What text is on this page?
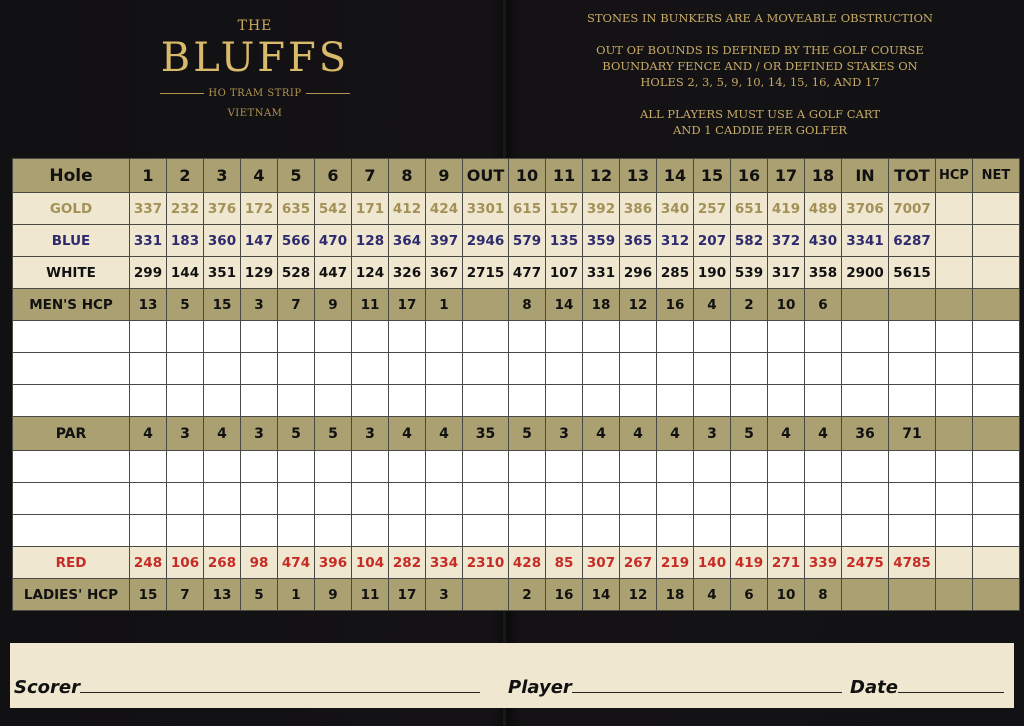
THE
BLUFFS
HO TRAM STRIP
VIETNAM

STONES IN BUNKERS ARE A MOVEABLE OBSTRUCTION

OUT OF BOUNDS IS DEFINED BY THE GOLF COURSE
BOUNDARY FENCE AND / OR DEFINED STAKES ON
HOLES 2, 3, 5, 9, 10, 14, 15, 16, AND 17

ALL PLAYERS MUST USE A GOLF CART
AND 1 CADDIE PER GOLFER

Hole	1	2	3	4	5	6	7	8	9	OUT	10	11	12	13	14	15	16	17	18	IN	TOT	HCP	NET
GOLD	337	232	376	172	635	542	171	412	424	3301	615	157	392	386	340	257	651	419	489	3706	7007		
BLUE	331	183	360	147	566	470	128	364	397	2946	579	135	359	365	312	207	582	372	430	3341	6287		
WHITE	299	144	351	129	528	447	124	326	367	2715	477	107	331	296	285	190	539	317	358	2900	5615		
MEN'S HCP	13	5	15	3	7	9	11	17	1		8	14	18	12	16	4	2	10	6				

PAR	4	3	4	3	5	5	3	4	4	35	5	3	4	4	4	3	5	4	4	36	71		

RED	248	106	268	98	474	396	104	282	334	2310	428	85	307	267	219	140	419	271	339	2475	4785		
LADIES' HCP	15	7	13	5	1	9	11	17	3		2	16	14	12	18	4	6	10	8				
Scorer	Player	Date
